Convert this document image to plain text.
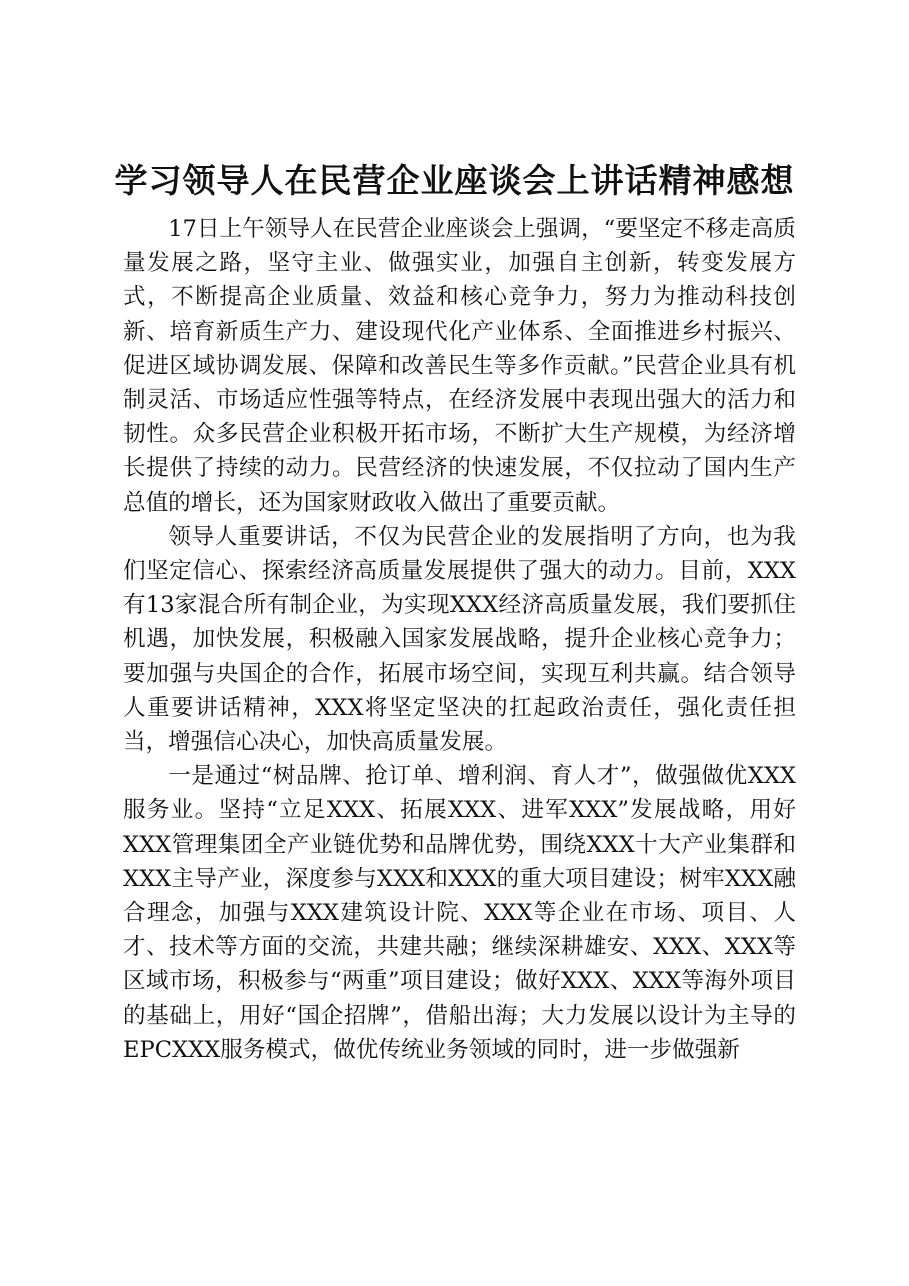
学习领导人在民营企业座谈会上讲话精神感想

17日上午领导人在民营企业座谈会上强调，“要坚定不移走高质量发展之路，坚守主业、做强实业，加强自主创新，转变发展方式，不断提高企业质量、效益和核心竞争力，努力为推动科技创新、培育新质生产力、建设现代化产业体系、全面推进乡村振兴、促进区域协调发展、保障和改善民生等多作贡献。”民营企业具有机制灵活、市场适应性强等特点，在经济发展中表现出强大的活力和韧性。众多民营企业积极开拓市场，不断扩大生产规模，为经济增长提供了持续的动力。民营经济的快速发展，不仅拉动了国内生产总值的增长，还为国家财政收入做出了重要贡献。

领导人重要讲话，不仅为民营企业的发展指明了方向，也为我们坚定信心、探索经济高质量发展提供了强大的动力。目前，XXX有13家混合所有制企业，为实现XXX经济高质量发展，我们要抓住机遇，加快发展，积极融入国家发展战略，提升企业核心竞争力；要加强与央国企的合作，拓展市场空间，实现互利共赢。结合领导人重要讲话精神，XXX将坚定坚决的扛起政治责任，强化责任担当，增强信心决心，加快高质量发展。

一是通过“树品牌、抢订单、增利润、育人才”，做强做优XXX服务业。坚持“立足XXX、拓展XXX、进军XXX”发展战略，用好XXX管理集团全产业链优势和品牌优势，围绕XXX十大产业集群和XXX主导产业，深度参与XXX和XXX的重大项目建设；树牢XXX融合理念，加强与XXX建筑设计院、XXX等企业在市场、项目、人才、技术等方面的交流，共建共融；继续深耕雄安、XXX、XXX等区域市场，积极参与“两重”项目建设；做好XXX、XXX等海外项目的基础上，用好“国企招牌”，借船出海；大力发展以设计为主导的EPCXXX服务模式，做优传统业务领域的同时，进一步做强新
